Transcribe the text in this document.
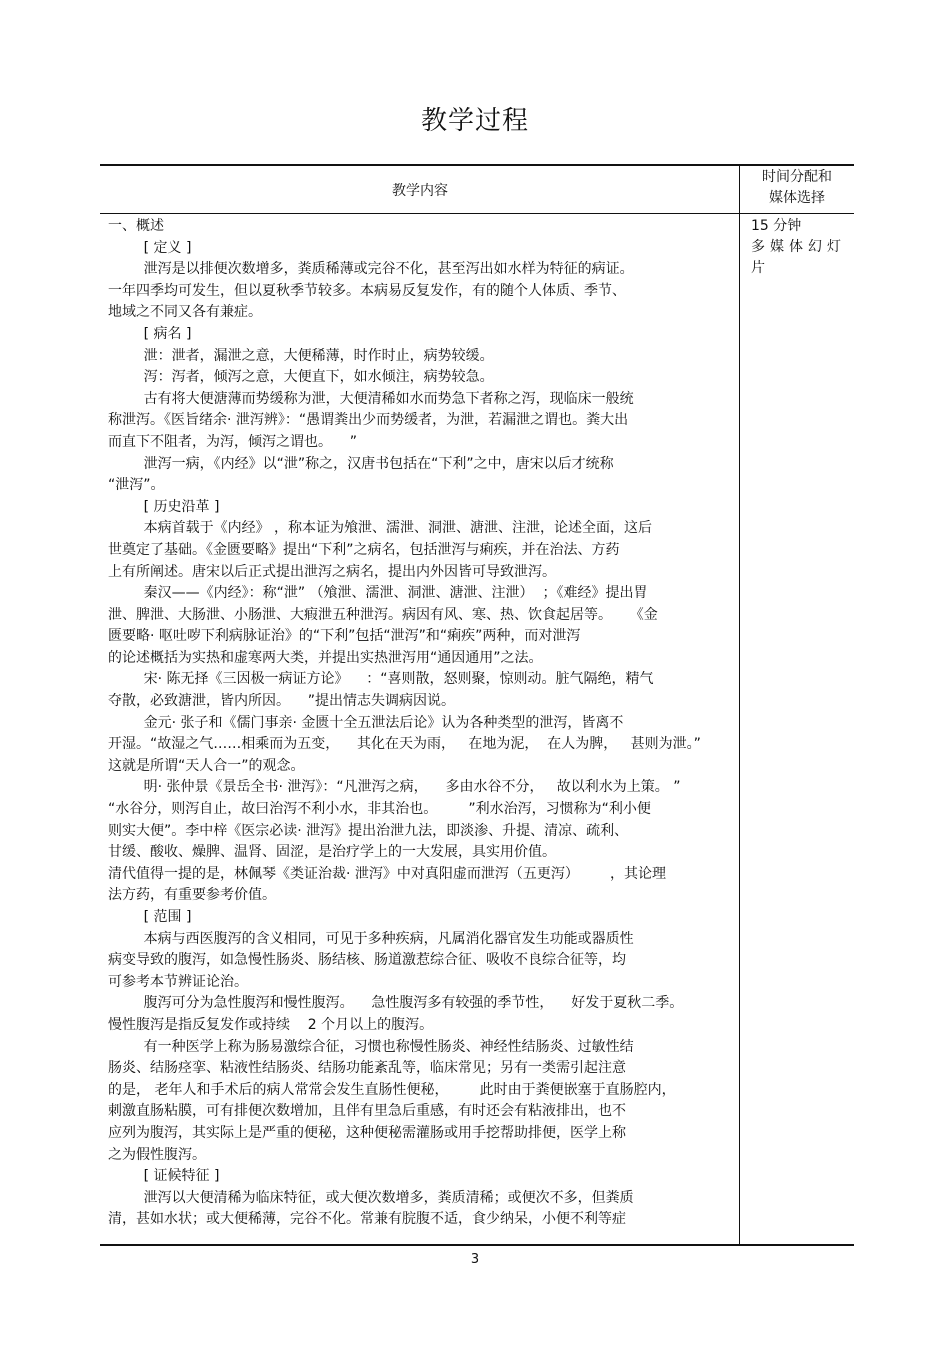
教学过程
教学内容
时间分配和
媒体选择
15 分钟
多媒体幻灯
片
一、概述
[ 定义 ]
泄泻是以排便次数增多，粪质稀薄或完谷不化，甚至泻出如水样为特征的病证。
一年四季均可发生，但以夏秋季节较多。本病易反复发作，有的随个人体质、季节、
地域之不同又各有兼症。
[ 病名 ]
泄：泄者，漏泄之意，大便稀薄，时作时止，病势较缓。
泻：泻者，倾泻之意，大便直下，如水倾注，病势较急。
古有将大便溏薄而势缓称为泄，大便清稀如水而势急下者称之泻，现临床一般统
称泄泻。《医旨绪余· 泄泻辨》：“愚谓粪出少而势缓者，为泄，若漏泄之谓也。粪大出
而直下不阻者，为泻，倾泻之谓也。    ”
泄泻一病，《内经》以“泄”称之，汉唐书包括在“下利”之中，唐宋以后才统称
“泄泻”。
[ 历史沿革 ]
本病首载于《内经》 ，称本证为飧泄、濡泄、洞泄、溏泄、注泄，论述全面，这后
世奠定了基础。《金匮要略》提出“下利”之病名，包括泄泻与痢疾，并在治法、方药
上有所阐述。唐宋以后正式提出泄泻之病名，提出内外因皆可导致泄泻。
秦汉——《内经》：称“泄” （飧泄、濡泄、洞泄、溏泄、注泄）  ；《难经》提出胃
泄、脾泄、大肠泄、小肠泄、大瘕泄五种泄泻。病因有风、寒、热、饮食起居等。    《金
匮要略· 呕吐哕下利病脉证治》的“下利”包括“泄泻”和“痢疾”两种，而对泄泻
的论述概括为实热和虚寒两大类，并提出实热泄泻用“通因通用”之法。
宋· 陈无择《三因极一病证方论》    ：“喜则散，怒则聚，惊则动。脏气隔绝，精气
夺散，必致溏泄，皆内所因。    ”提出情志失调病因说。
金元· 张子和《儒门事亲· 金匮十全五泄法后论》认为各种类型的泄泻，皆离不
开湿。“故湿之气……相乘而为五变，    其化在天为雨，   在地为泥，  在人为脾，   甚则为泄。”
这就是所谓“天人合一”的观念。
明· 张仲景《景岳全书· 泄泻》：“凡泄泻之病，    多由水谷不分，   故以利水为上策。 ”
“水谷分，则泻自止，故曰治泻不利小水，非其治也。       ”利水治泻，习惯称为“利小便
则实大便”。李中梓《医宗必读· 泄泻》提出治泄九法，即淡渗、升提、清凉、疏利、
甘缓、酸收、燥脾、温肾、固涩，是治疗学上的一大发展，具实用价值。
清代值得一提的是，林佩琴《类证治裁· 泄泻》中对真阳虚而泄泻（五更泻）       ，其论理
法方药，有重要参考价值。
[ 范围 ]
本病与西医腹泻的含义相同，可见于多种疾病，凡属消化器官发生功能或器质性
病变导致的腹泻，如急慢性肠炎、肠结核、肠道激惹综合征、吸收不良综合征等，均
可参考本节辨证论治。
腹泻可分为急性腹泻和慢性腹泻。    急性腹泻多有较强的季节性，    好发于夏秋二季。
慢性腹泻是指反复发作或持续    2 个月以上的腹泻。
有一种医学上称为肠易激综合征，习惯也称慢性肠炎、神经性结肠炎、过敏性结
肠炎、结肠痉挛、粘液性结肠炎、结肠功能紊乱等，临床常见；另有一类需引起注意
的是， 老年人和手术后的病人常常会发生直肠性便秘，       此时由于粪便嵌塞于直肠腔内，
刺激直肠粘膜，可有排便次数增加，且伴有里急后重感，有时还会有粘液排出，也不
应列为腹泻，其实际上是严重的便秘，这种便秘需灌肠或用手挖帮助排便，医学上称
之为假性腹泻。
[ 证候特征 ]
泄泻以大便清稀为临床特征，或大便次数增多，粪质清稀；或便次不多，但粪质
清，甚如水状；或大便稀薄，完谷不化。常兼有脘腹不适，食少纳呆，小便不利等症
3
